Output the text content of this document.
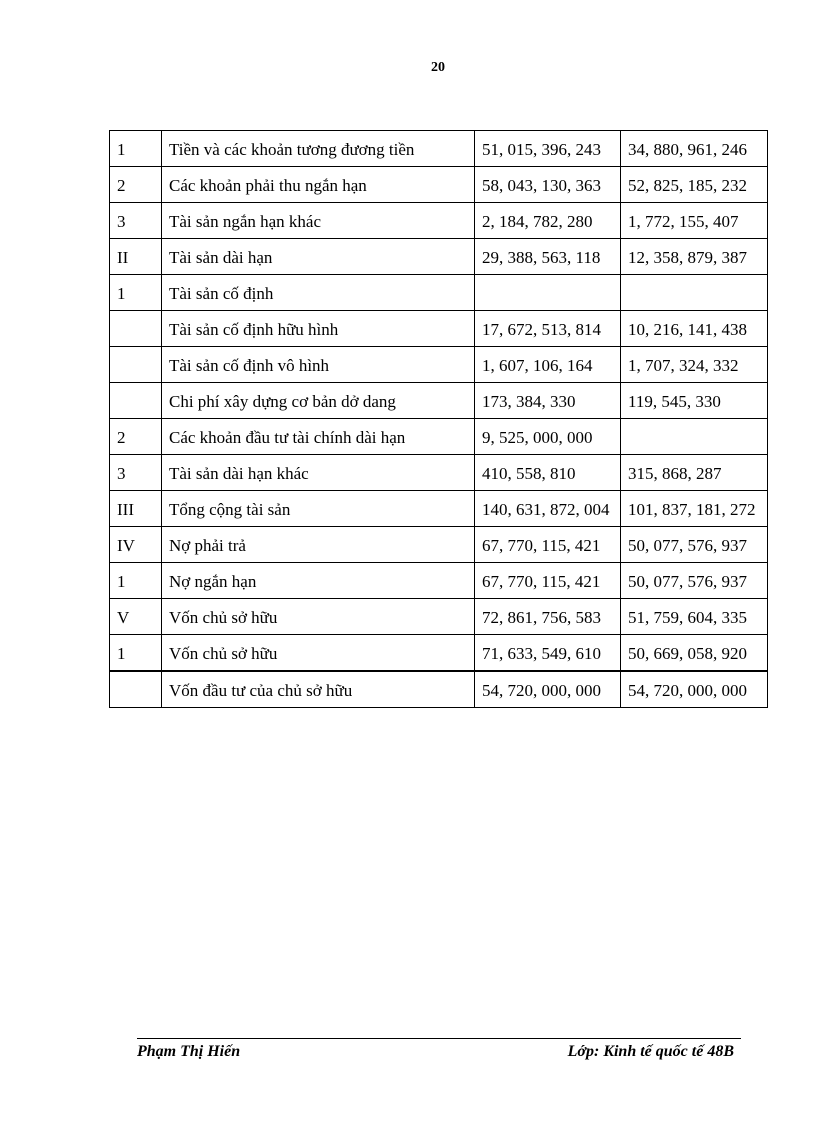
20
1	Tiền và các khoản tương đương tiền	51, 015, 396, 243	34, 880, 961, 246
2	Các khoản phải thu ngắn hạn	58, 043, 130, 363	52, 825, 185, 232
3	Tài sản ngắn hạn khác	2, 184, 782, 280	1, 772, 155, 407
II	Tài sản dài hạn	29, 388, 563, 118	12, 358, 879, 387
1	Tài sản cố định		
	Tài sản cố định hữu hình	17, 672, 513, 814	10, 216, 141, 438
	Tài sản cố định vô hình	1, 607, 106, 164	1, 707, 324, 332
	Chi phí xây dựng cơ bản dở dang	173, 384, 330	119, 545, 330
2	Các khoản đầu tư tài chính dài hạn	9, 525, 000, 000	
3	Tài sản dài hạn khác	410, 558, 810	315, 868, 287
III	Tổng cộng tài sản	140, 631, 872, 004	101, 837, 181, 272
IV	Nợ phải trả	67, 770, 115, 421	50, 077, 576, 937
1	Nợ ngắn hạn	67, 770, 115, 421	50, 077, 576, 937
V	Vốn chủ sở hữu	72, 861, 756, 583	51, 759, 604, 335
1	Vốn chủ sở hữu	71, 633, 549, 610	50, 669, 058, 920
	Vốn đầu tư của chủ sở hữu	54, 720, 000, 000	54, 720, 000, 000
Phạm Thị Hiến	Lớp: Kinh tế quốc tế 48B
